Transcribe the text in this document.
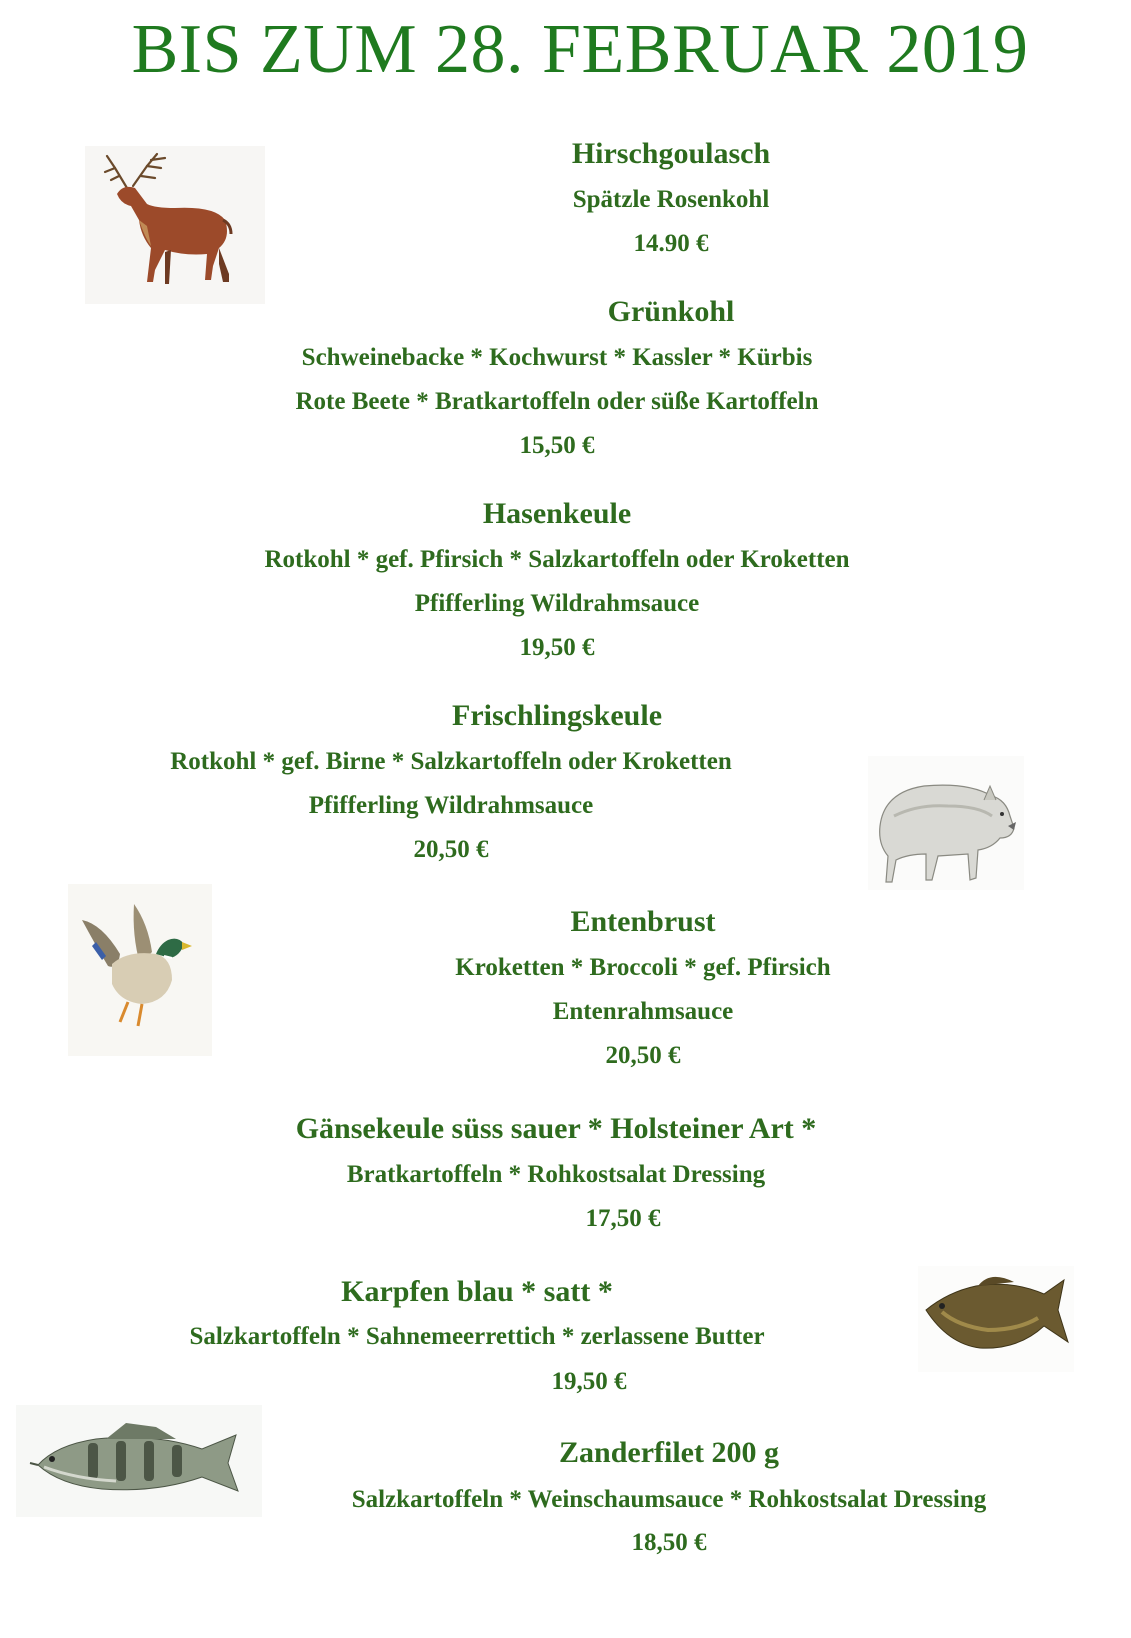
BIS ZUM 28. FEBRUAR 2019
Hirschgoulasch
Spätzle Rosenkohl
14.90 €
Grünkohl
Schweinebacke * Kochwurst * Kassler * Kürbis
Rote Beete * Bratkartoffeln oder süße Kartoffeln
15,50 €
Hasenkeule
Rotkohl * gef. Pfirsich * Salzkartoffeln oder Kroketten
Pfifferling Wildrahmsauce
19,50 €
Frischlingskeule
Rotkohl * gef. Birne * Salzkartoffeln oder Kroketten
Pfifferling Wildrahmsauce
20,50 €
Entenbrust
Kroketten * Broccoli * gef. Pfirsich
Entenrahmsauce
20,50 €
Gänsekeule süss sauer * Holsteiner Art *
Bratkartoffeln * Rohkostsalat Dressing
17,50 €
Karpfen blau * satt *
Salzkartoffeln * Sahnemeerrettich * zerlassene Butter
19,50 €
Zanderfilet 200 g
Salzkartoffeln * Weinschaumsauce * Rohkostsalat Dressing
18,50 €
